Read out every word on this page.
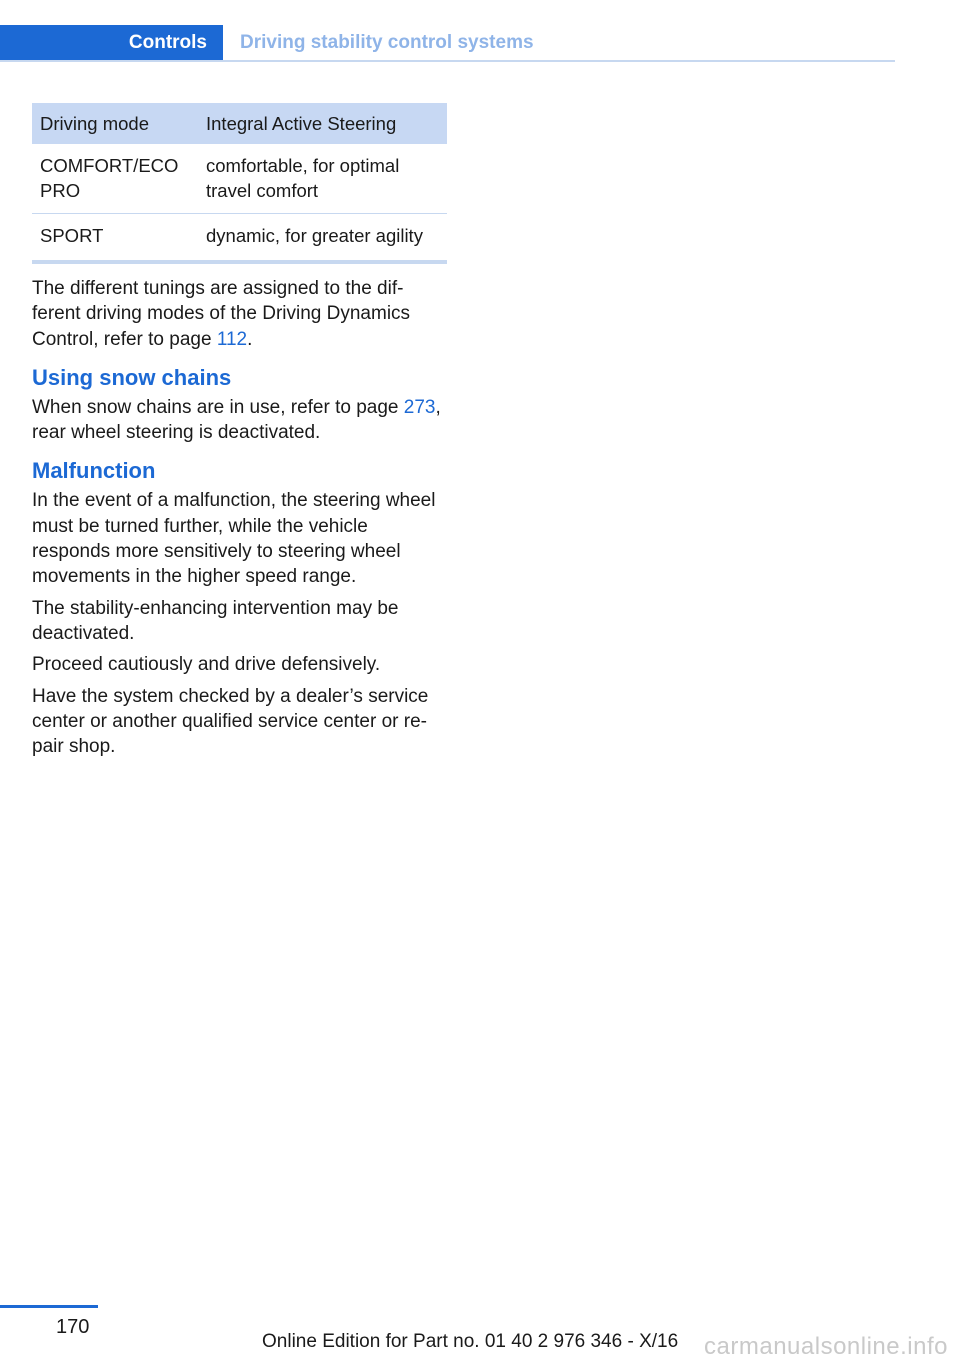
Controls	Driving stability control systems
Driving mode	Integral Active Steering
COMFORT/ECO PRO	comfortable, for optimal travel comfort
SPORT	dynamic, for greater agility

The different tunings are assigned to the dif‐ferent driving modes of the Driving Dynamics Control, refer to page 112.

Using snow chains

When snow chains are in use, refer to page 273, rear wheel steering is deactivated.

Malfunction

In the event of a malfunction, the steering wheel must be turned further, while the vehicle responds more sensitively to steering wheel movements in the higher speed range.

The stability‐enhancing intervention may be deactivated.

Proceed cautiously and drive defensively.

Have the system checked by a dealer’s service center or another qualified service center or re‐pair shop.

170
Online Edition for Part no. 01 40 2 976 346 - X/16 carmanualsonline.info
